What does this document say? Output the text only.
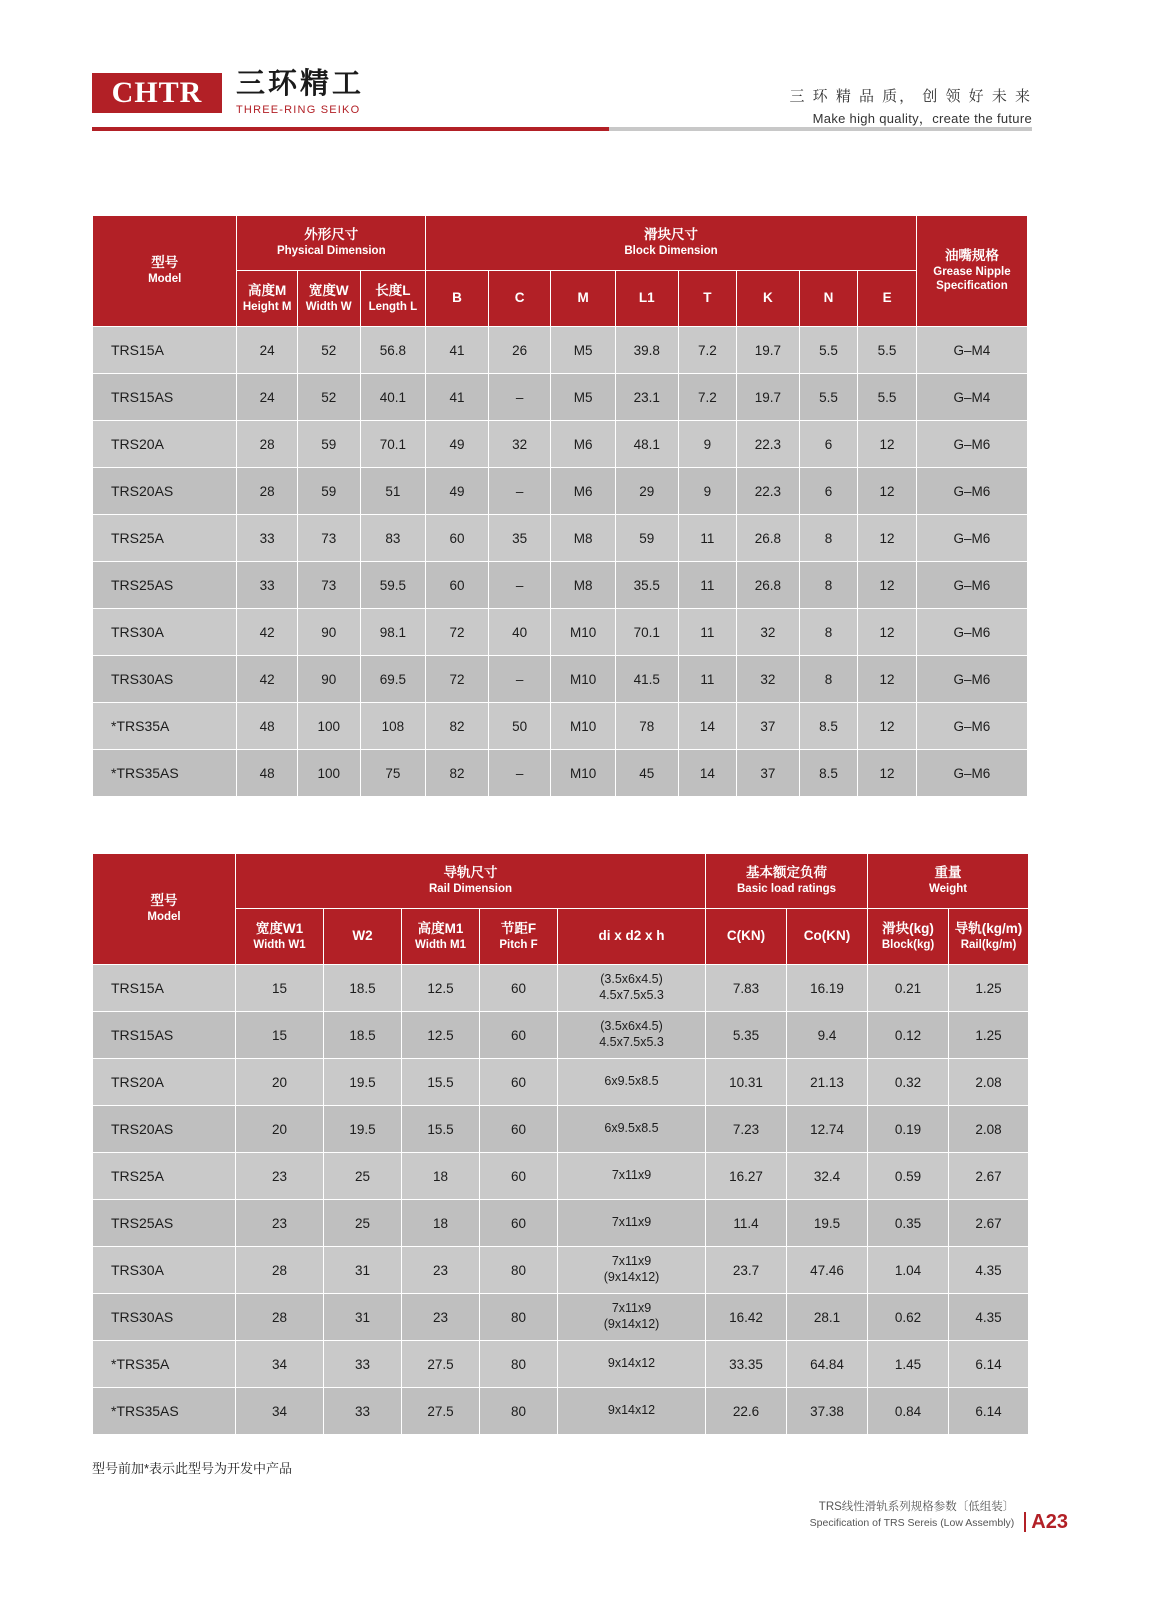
CHTR	三环精工
THREE-RING SEIKO
三 环 精 品 质， 创 领 好 未 来
Make high quality，create the future
型号
Model	外形尺寸
Physical Dimension			滑块尺寸
Block Dimension								油嘴规格
Grease Nipple Specification

	高度M
Height M	宽度W
Width W	长度L
Length L	B	C	M	L1	T	K	N	E	

TRS15A	24	52	56.8	41	26	M5	39.8	7.2	19.7	5.5	5.5	G–M4
TRS15AS	24	52	40.1	41	–	M5	23.1	7.2	19.7	5.5	5.5	G–M4
TRS20A	28	59	70.1	49	32	M6	48.1	9	22.3	6	12	G–M6
TRS20AS	28	59	51	49	–	M6	29	9	22.3	6	12	G–M6
TRS25A	33	73	83	60	35	M8	59	11	26.8	8	12	G–M6
TRS25AS	33	73	59.5	60	–	M8	35.5	11	26.8	8	12	G–M6
TRS30A	42	90	98.1	72	40	M10	70.1	11	32	8	12	G–M6
TRS30AS	42	90	69.5	72	–	M10	41.5	11	32	8	12	G–M6
*TRS35A	48	100	108	82	50	M10	78	14	37	8.5	12	G–M6
*TRS35AS	48	100	75	82	–	M10	45	14	37	8.5	12	G–M6
型号
Model	导轨尺寸
Rail Dimension					基本额定负荷
Basic load ratings		重量
Weight	

	宽度W1
Width W1	W2	高度M1
Width M1	节距F
Pitch F	di x d2 x h	C(KN)	Co(KN)	滑块(kg)
Block(kg)	导轨(kg/m)
Rail(kg/m)

TRS15A	15	18.5	12.5	60	(3.5x6x4.5)
4.5x7.5x5.3	7.83	16.19	0.21	1.25
TRS15AS	15	18.5	12.5	60	(3.5x6x4.5)
4.5x7.5x5.3	5.35	9.4	0.12	1.25
TRS20A	20	19.5	15.5	60	6x9.5x8.5	10.31	21.13	0.32	2.08
TRS20AS	20	19.5	15.5	60	6x9.5x8.5	7.23	12.74	0.19	2.08
TRS25A	23	25	18	60	7x11x9	16.27	32.4	0.59	2.67
TRS25AS	23	25	18	60	7x11x9	11.4	19.5	0.35	2.67
TRS30A	28	31	23	80	7x11x9
(9x14x12)	23.7	47.46	1.04	4.35
TRS30AS	28	31	23	80	7x11x9
(9x14x12)	16.42	28.1	0.62	4.35
*TRS35A	34	33	27.5	80	9x14x12	33.35	64.84	1.45	6.14
*TRS35AS	34	33	27.5	80	9x14x12	22.6	37.38	0.84	6.14
型号前加*表示此型号为开发中产品
TRS线性滑轨系列规格参数〔低组装〕
Specification of TRS Sereis (Low Assembly) A23
